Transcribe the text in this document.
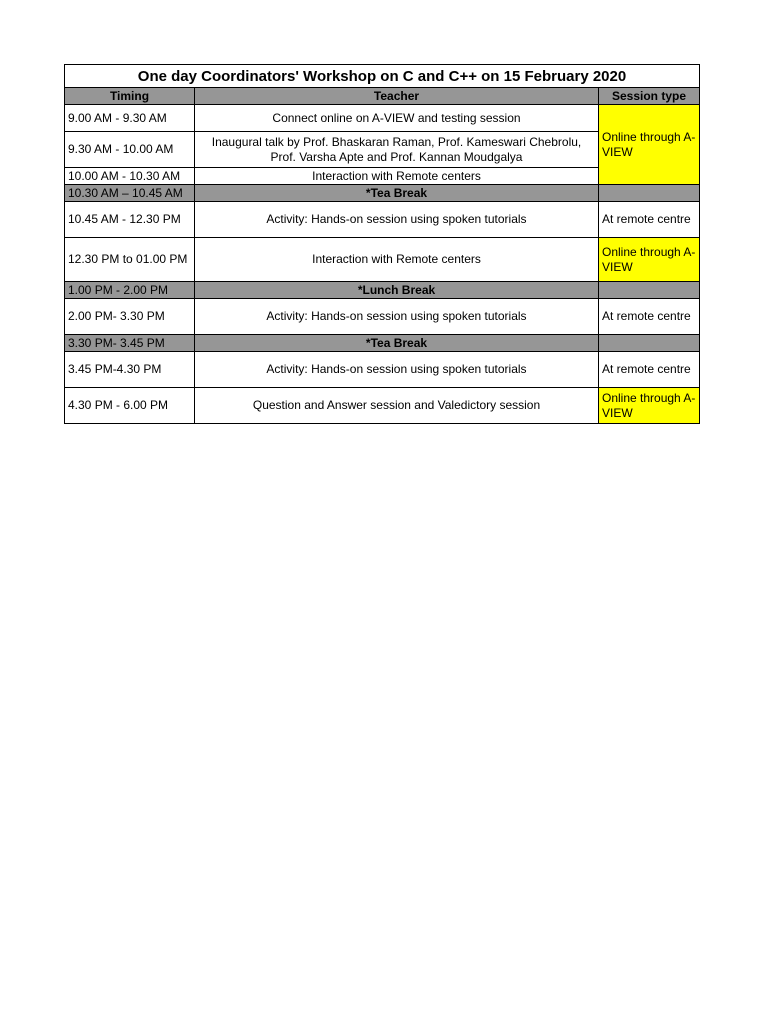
One day Coordinators' Workshop on C and C++ on 15 February 2020		
Timing	Teacher	Session type
9.00 AM - 9.30 AM	Connect online on A-VIEW and testing session	Online through A-VIEW
9.30 AM - 10.00 AM	Inaugural talk by Prof. Bhaskaran Raman, Prof. Kameswari Chebrolu,
Prof. Varsha Apte and Prof. Kannan Moudgalya	
10.00 AM - 10.30 AM	Interaction with Remote centers	
10.30 AM – 10.45 AM	*Tea Break	
10.45 AM - 12.30 PM	Activity: Hands-on session using spoken tutorials	At remote centre
12.30 PM to 01.00 PM	Interaction with Remote centers	Online through A-VIEW
1.00 PM - 2.00 PM	*Lunch Break	
2.00 PM- 3.30 PM	Activity: Hands-on session using spoken tutorials	At remote centre
3.30 PM- 3.45 PM	*Tea Break	
3.45 PM-4.30 PM	Activity: Hands-on session using spoken tutorials	At remote centre
4.30 PM - 6.00 PM	Question and Answer session and Valedictory session	Online through A-VIEW
